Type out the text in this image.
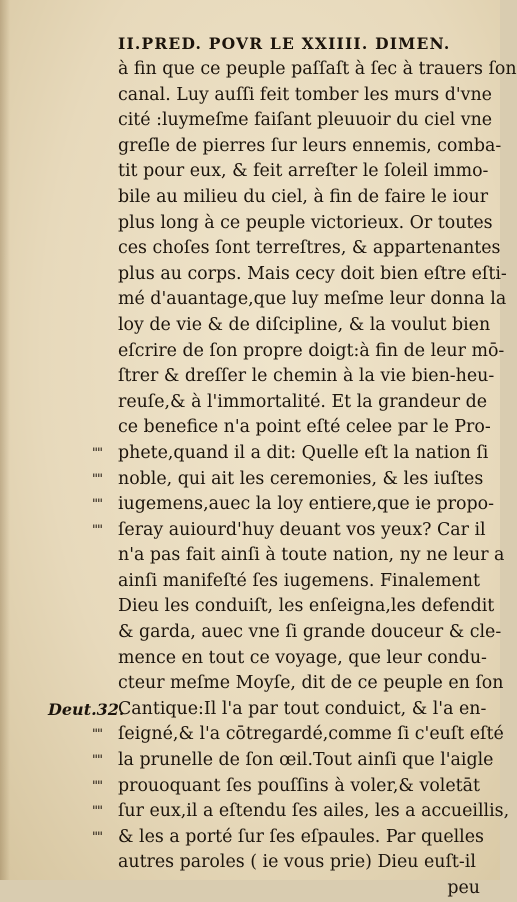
II.PRED. POVR LE XXIIII. DIMEN.
Deut.32.
à fin que ce peuple paſſaſt à ſec à trauers ſon
canal. Luy auſſi feit tomber les murs d'vne
cité :luymeſme faiſant pleuuoir du ciel vne
greſle de pierres ſur leurs ennemis, comba-
tit pour eux, & feit arreſter le ſoleil immo-
bile au milieu du ciel, à fin de faire le iour
plus long à ce peuple victorieux. Or toutes
ces choſes ſont terreſtres, & appartenantes
plus au corps. Mais cecy doit bien eſtre eſti-
mé d'auantage,que luy meſme leur donna la
loy de vie & de diſcipline, & la voulut bien
eſcrire de ſon propre doigt:à fin de leur mō-
ſtrer & dreſſer le chemin à la vie bien-heu-
reuſe,& à l'immortalité. Et la grandeur de
ce benefice n'a point eſté celee par le Pro-
"" phete,quand il a dit: Quelle eſt la nation ſi
"" noble, qui ait les ceremonies, & les iuſtes
"" iugemens,auec la loy entiere,que ie propo-
"" ſeray auiourd'huy deuant vos yeux? Car il
n'a pas fait ainſi à toute nation, ny ne leur a
ainſi manifeſté ſes iugemens. Finalement
Dieu les conduiſt, les enſeigna,les defendit
& garda, auec vne ſi grande douceur & cle-
mence en tout ce voyage, que leur condu-
cteur meſme Moyſe, dit de ce peuple en ſon
Cantique:Il l'a par tout conduict, & l'a en-
"" ſeigné,& l'a cōtregardé,comme ſi c'euſt eſté
"" la prunelle de ſon œil.Tout ainſi que l'aigle
"" prouoquant ſes pouſſins à voler,& voletāt
"" ſur eux,il a eſtendu ſes ailes, les a accueillis,
"" & les a porté ſur ſes eſpaules. Par quelles
autres paroles ( ie vous prie) Dieu euſt-il
peu
